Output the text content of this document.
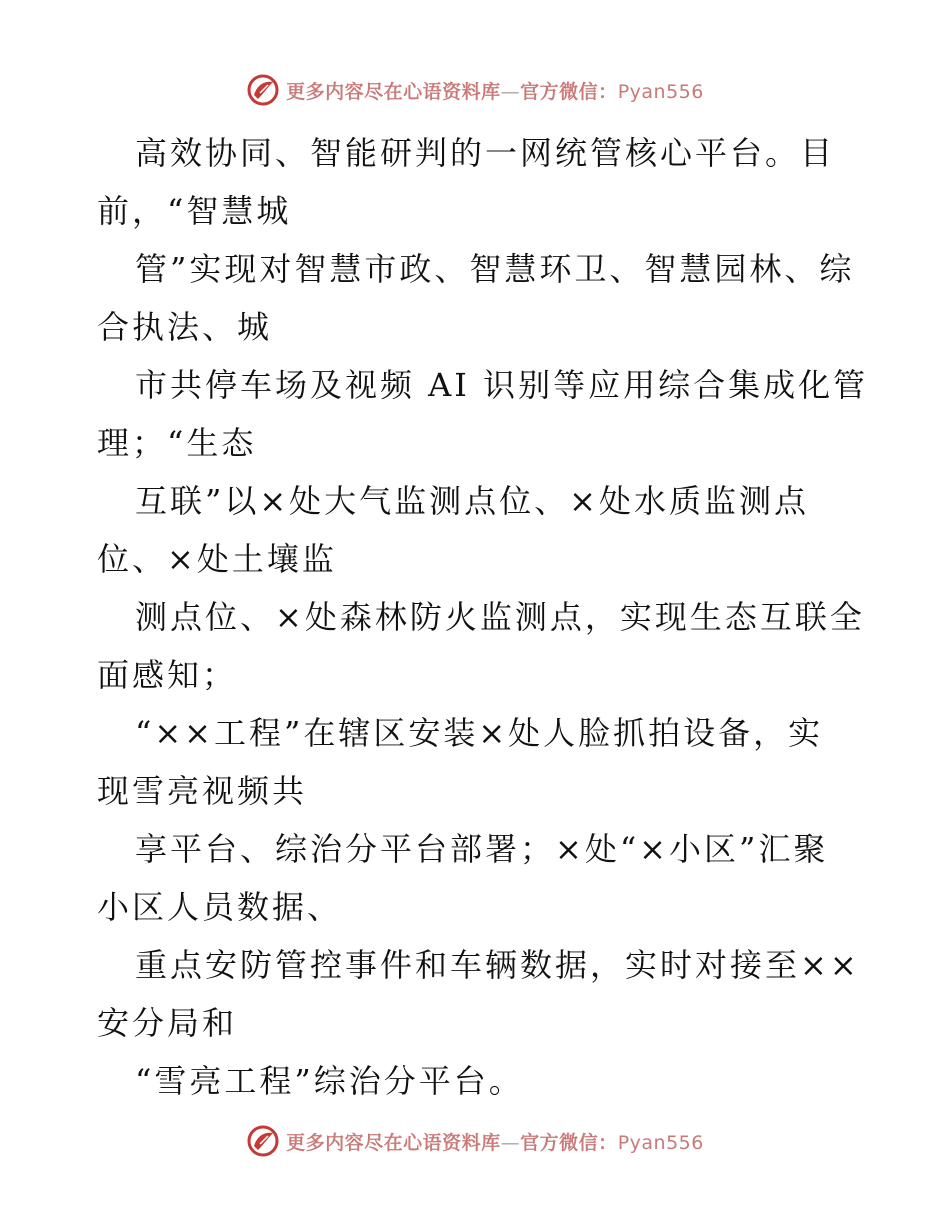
更多内容尽在心语资料库—官方微信：Pyan556

高效协同、智能研判的一网统管核心平台。目
前，“智慧城

管”实现对智慧市政、智慧环卫、智慧园林、综
合执法、城

市共停车场及视频 AI 识别等应用综合集成化管
理；“生态

互联”以×处大气监测点位、×处水质监测点
位、×处土壤监

测点位、×处森林防火监测点，实现生态互联全
面感知；

“××工程”在辖区安装×处人脸抓拍设备，实
现雪亮视频共

享平台、综治分平台部署；×处“×小区”汇聚
小区人员数据、

重点安防管控事件和车辆数据，实时对接至××
安分局和

“雪亮工程”综治分平台。

更多内容尽在心语资料库—官方微信：Pyan556
